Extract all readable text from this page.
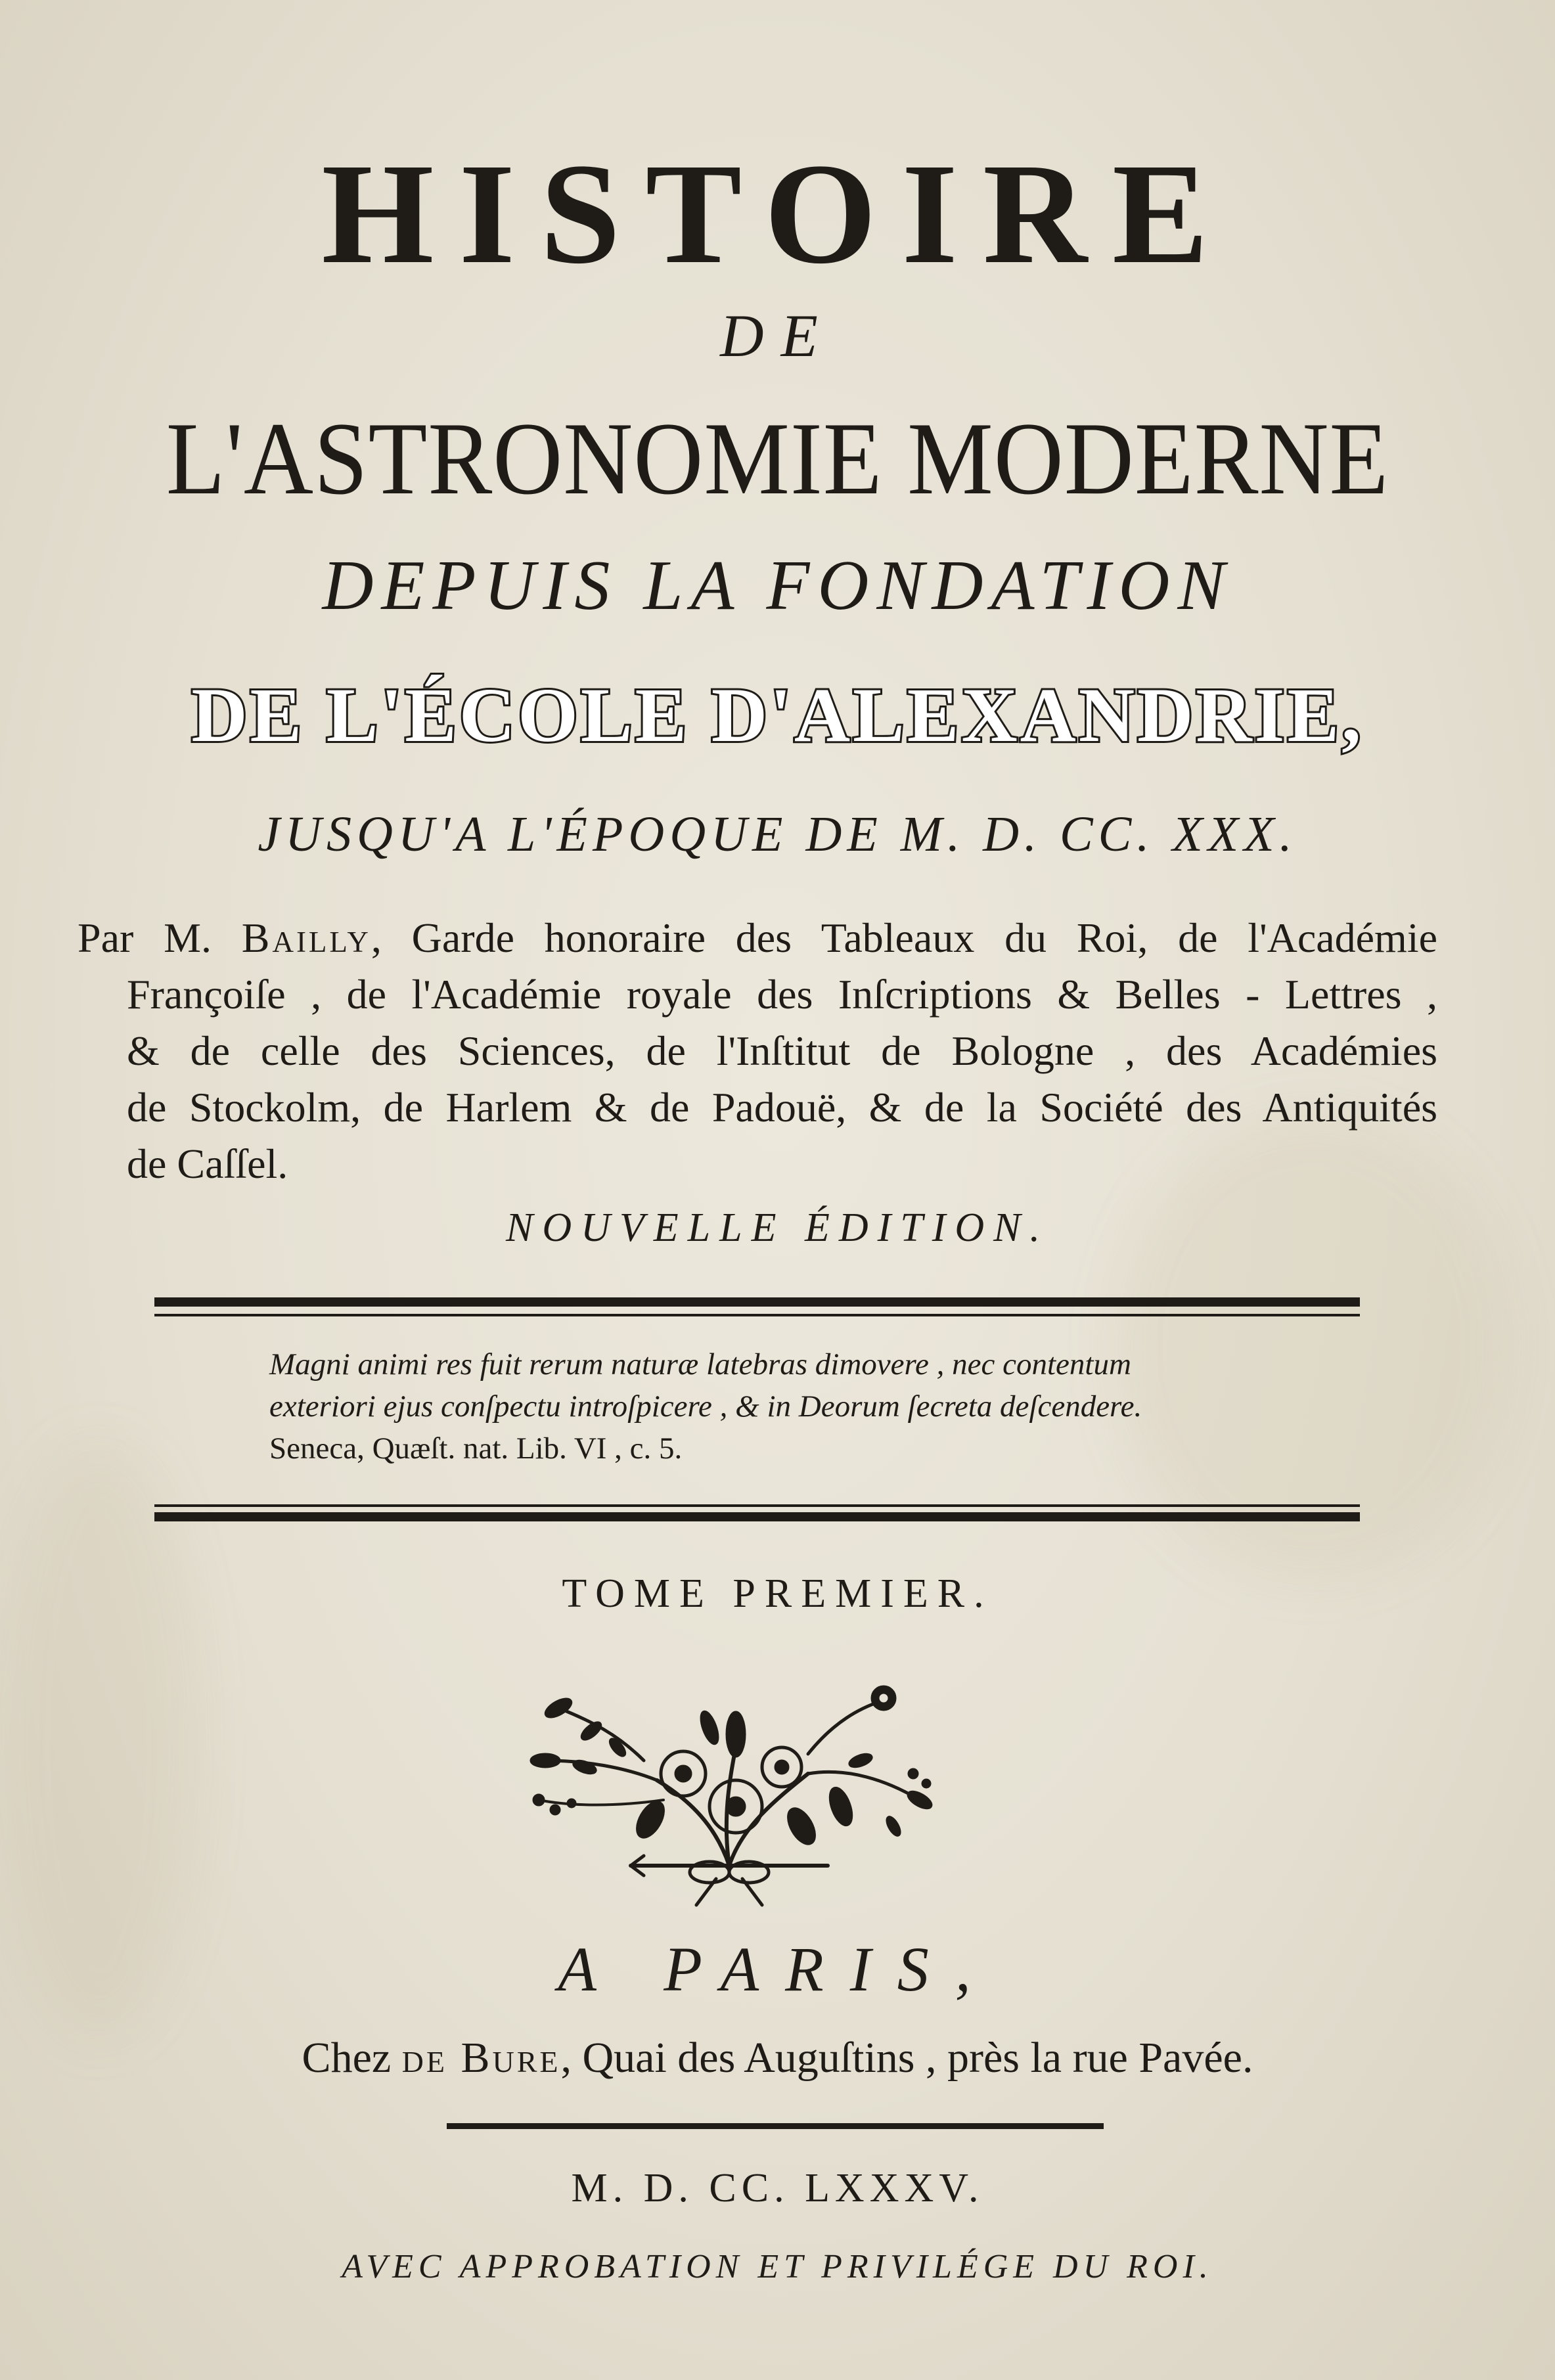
HISTOIRE
DE
L'ASTRONOMIE MODERNE
DEPUIS LA FONDATION
DE L'ÉCOLE D'ALEXANDRIE,
JUSQU'A L'ÉPOQUE DE M. D. CC. XXX.
Par M. Bailly, Garde honoraire des Tableaux du Roi, de l'Académie
Françoiſe , de l'Académie royale des Inſcriptions & Belles - Lettres ,
& de celle des Sciences, de l'Inſtitut de Bologne , des Académies
de Stockolm, de Harlem & de Padouë, & de la Société des Antiquités
de Caſſel.
NOUVELLE ÉDITION.
Magni animi res fuit rerum naturæ latebras dimovere , nec contentum
exteriori ejus conſpectu introſpicere , & in Deorum ſecreta deſcendere.
Seneca, Quæſt. nat. Lib. VI , c. 5.
TOME PREMIER.
A PARIS,
Chez de Bure, Quai des Auguſtins , près la rue Pavée.
M. D. CC. LXXXV.
AVEC APPROBATION ET PRIVILÉGE DU ROI.
